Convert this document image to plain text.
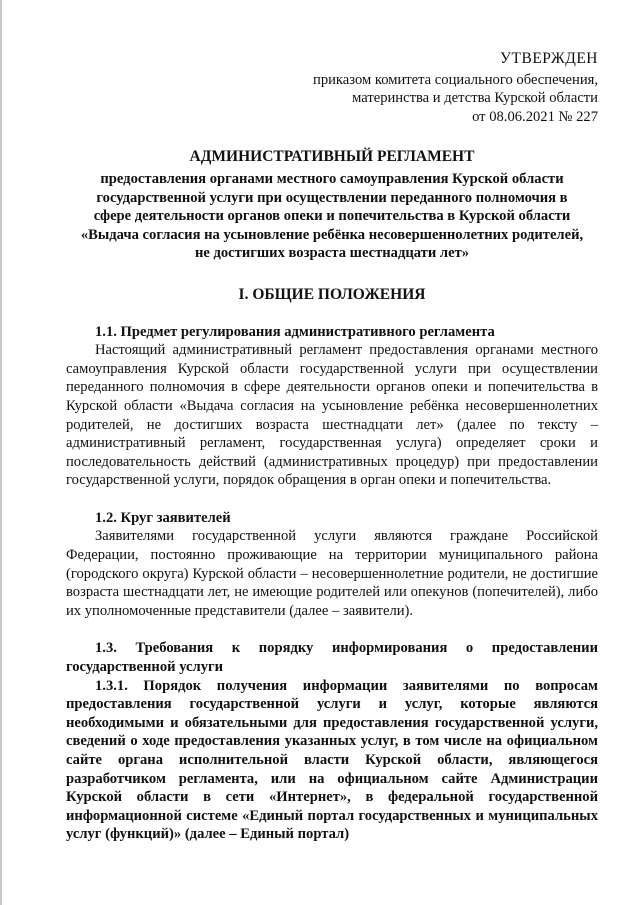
УТВЕРЖДЕН
приказом комитета социального обеспечения,
материнства и детства Курской области
от 08.06.2021 № 227
АДМИНИСТРАТИВНЫЙ РЕГЛАМЕНТ
предоставления органами местного самоуправления Курской области
государственной услуги при осуществлении переданного полномочия в
сфере деятельности органов опеки и попечительства в Курской области
«Выдача согласия на усыновление ребёнка несовершеннолетних родителей,
не достигших возраста шестнадцати лет»
I. ОБЩИЕ ПОЛОЖЕНИЯ
1.1. Предмет регулирования административного регламента

Настоящий административный регламент предоставления органами местного самоуправления Курской области государственной услуги при осуществлении переданного полномочия в сфере деятельности органов опеки и попечительства в Курской области «Выдача согласия на усыновление ребёнка несовершеннолетних родителей, не достигших возраста шестнадцати лет» (далее по тексту – административный регламент, государственная услуга) определяет сроки и последовательность действий (административных процедур) при предоставлении государственной услуги, порядок обращения в орган опеки и попечительства.

1.2. Круг заявителей

Заявителями государственной услуги являются граждане Российской Федерации, постоянно проживающие на территории муниципального района (городского округа) Курской области – несовершеннолетние родители, не достигшие возраста шестнадцати лет, не имеющие родителей или опекунов (попечителей), либо их уполномоченные представители (далее – заявители).

1.3. Требования к порядку информирования о предоставлении государственной услуги

1.3.1. Порядок получения информации заявителями по вопросам предоставления государственной услуги и услуг, которые являются необходимыми и обязательными для предоставления государственной услуги, сведений о ходе предоставления указанных услуг, в том числе на официальном сайте органа исполнительной власти Курской области, являющегося разработчиком регламента, или на официальном сайте Администрации Курской области в сети «Интернет», в федеральной государственной информационной системе «Единый портал государственных и муниципальных услуг (функций)» (далее – Единый портал)
